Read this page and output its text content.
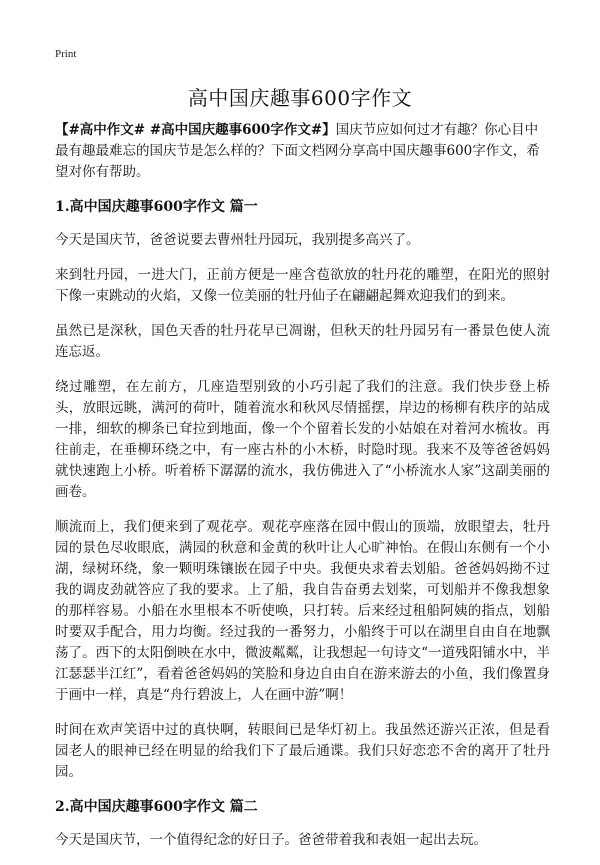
Print
高中国庆趣事600字作文

【#高中作文# #高中国庆趣事600字作文#】国庆节应如何过才有趣？你心目中最有趣最难忘的国庆节是怎么样的？下面文档网分享高中国庆趣事600字作文，希望对你有帮助。

1.高中国庆趣事600字作文 篇一

今天是国庆节，爸爸说要去曹州牡丹园玩，我别提多高兴了。

来到牡丹园，一进大门，正前方便是一座含苞欲放的牡丹花的雕塑，在阳光的照射下像一束跳动的火焰，又像一位美丽的牡丹仙子在翩翩起舞欢迎我们的到来。

虽然已是深秋，国色天香的牡丹花早已凋谢，但秋天的牡丹园另有一番景色使人流连忘返。

绕过雕塑，在左前方，几座造型别致的小巧引起了我们的注意。我们快步登上桥头，放眼远眺，满河的荷叶，随着流水和秋风尽情摇摆，岸边的杨柳有秩序的站成一排，细软的柳条已耷拉到地面，像一个个留着长发的小姑娘在对着河水梳妆。再往前走，在垂柳环绕之中，有一座古朴的小木桥，时隐时现。我来不及等爸爸妈妈就快速跑上小桥。听着桥下潺潺的流水，我仿佛进入了“小桥流水人家”这副美丽的画卷。

顺流而上，我们便来到了观花亭。观花亭座落在园中假山的顶端，放眼望去，牡丹园的景色尽收眼底，满园的秋意和金黄的秋叶让人心旷神怡。在假山东侧有一个小湖，绿树环绕，象一颗明珠镶嵌在园子中央。我便央求着去划船。爸爸妈妈拗不过我的调皮劲就答应了我的要求。上了船，我自告奋勇去划桨，可划船并不像我想象的那样容易。小船在水里根本不听使唤，只打转。后来经过租船阿姨的指点，划船时要双手配合，用力均衡。经过我的一番努力，小船终于可以在湖里自由自在地飘荡了。西下的太阳倒映在水中，微波粼粼，让我想起一句诗文“一道残阳铺水中，半江瑟瑟半江红”，看着爸爸妈妈的笑脸和身边自由自在游来游去的小鱼，我们像置身于画中一样，真是“舟行碧波上，人在画中游”啊！

时间在欢声笑语中过的真快啊，转眼间已是华灯初上。我虽然还游兴正浓，但是看园老人的眼神已经在明显的给我们下了最后通谍。我们只好恋恋不舍的离开了牡丹园。

2.高中国庆趣事600字作文 篇二

今天是国庆节，一个值得纪念的好日子。爸爸带着我和表姐一起出去玩。
